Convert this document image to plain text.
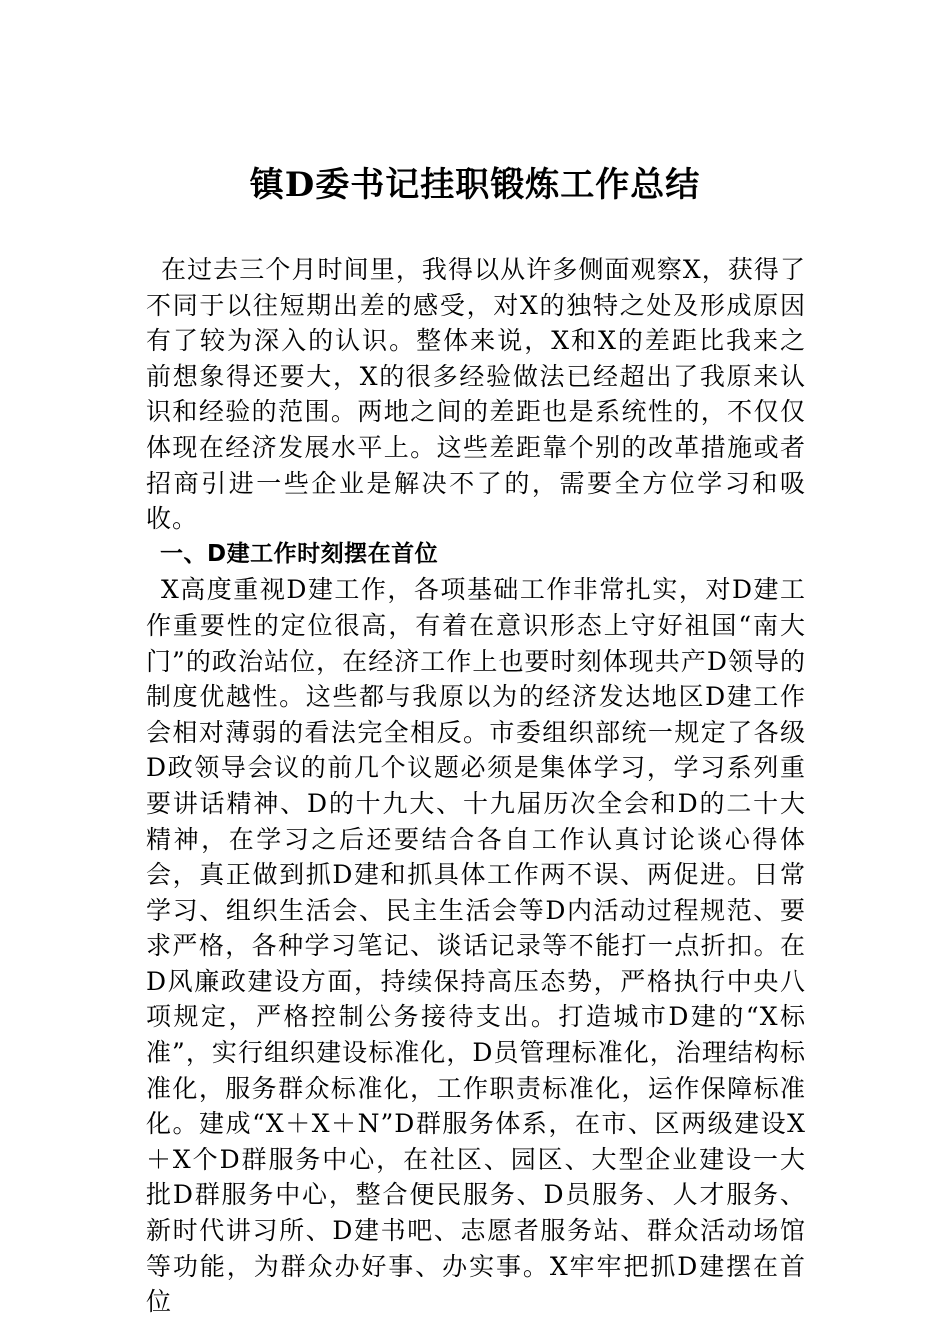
镇D委书记挂职锻炼工作总结

在过去三个月时间里，我得以从许多侧面观察X，获得了不同于以往短期出差的感受，对X的独特之处及形成原因有了较为深入的认识。整体来说，X和X的差距比我来之前想象得还要大，X的很多经验做法已经超出了我原来认识和经验的范围。两地之间的差距也是系统性的，不仅仅体现在经济发展水平上。这些差距靠个别的改革措施或者招商引进一些企业是解决不了的，需要全方位学习和吸收。

一、D建工作时刻摆在首位

X高度重视D建工作，各项基础工作非常扎实，对D建工作重要性的定位很高，有着在意识形态上守好祖国“南大门”的政治站位，在经济工作上也要时刻体现共产D领导的制度优越性。这些都与我原以为的经济发达地区D建工作会相对薄弱的看法完全相反。市委组织部统一规定了各级D政领导会议的前几个议题必须是集体学习，学习系列重要讲话精神、D的十九大、十九届历次全会和D的二十大精神，在学习之后还要结合各自工作认真讨论谈心得体会，真正做到抓D建和抓具体工作两不误、两促进。日常学习、组织生活会、民主生活会等D内活动过程规范、要求严格，各种学习笔记、谈话记录等不能打一点折扣。在D风廉政建设方面，持续保持高压态势，严格执行中央八项规定，严格控制公务接待支出。打造城市D建的“X标准”，实行组织建设标准化，D员管理标准化，治理结构标准化，服务群众标准化，工作职责标准化，运作保障标准化。建成“X＋X＋N”D群服务体系，在市、区两级建设X＋X个D群服务中心，在社区、园区、大型企业建设一大批D群服务中心，整合便民服务、D员服务、人才服务、新时代讲习所、D建书吧、志愿者服务站、群众活动场馆等功能，为群众办好事、办实事。X牢牢把抓D建摆在首位
